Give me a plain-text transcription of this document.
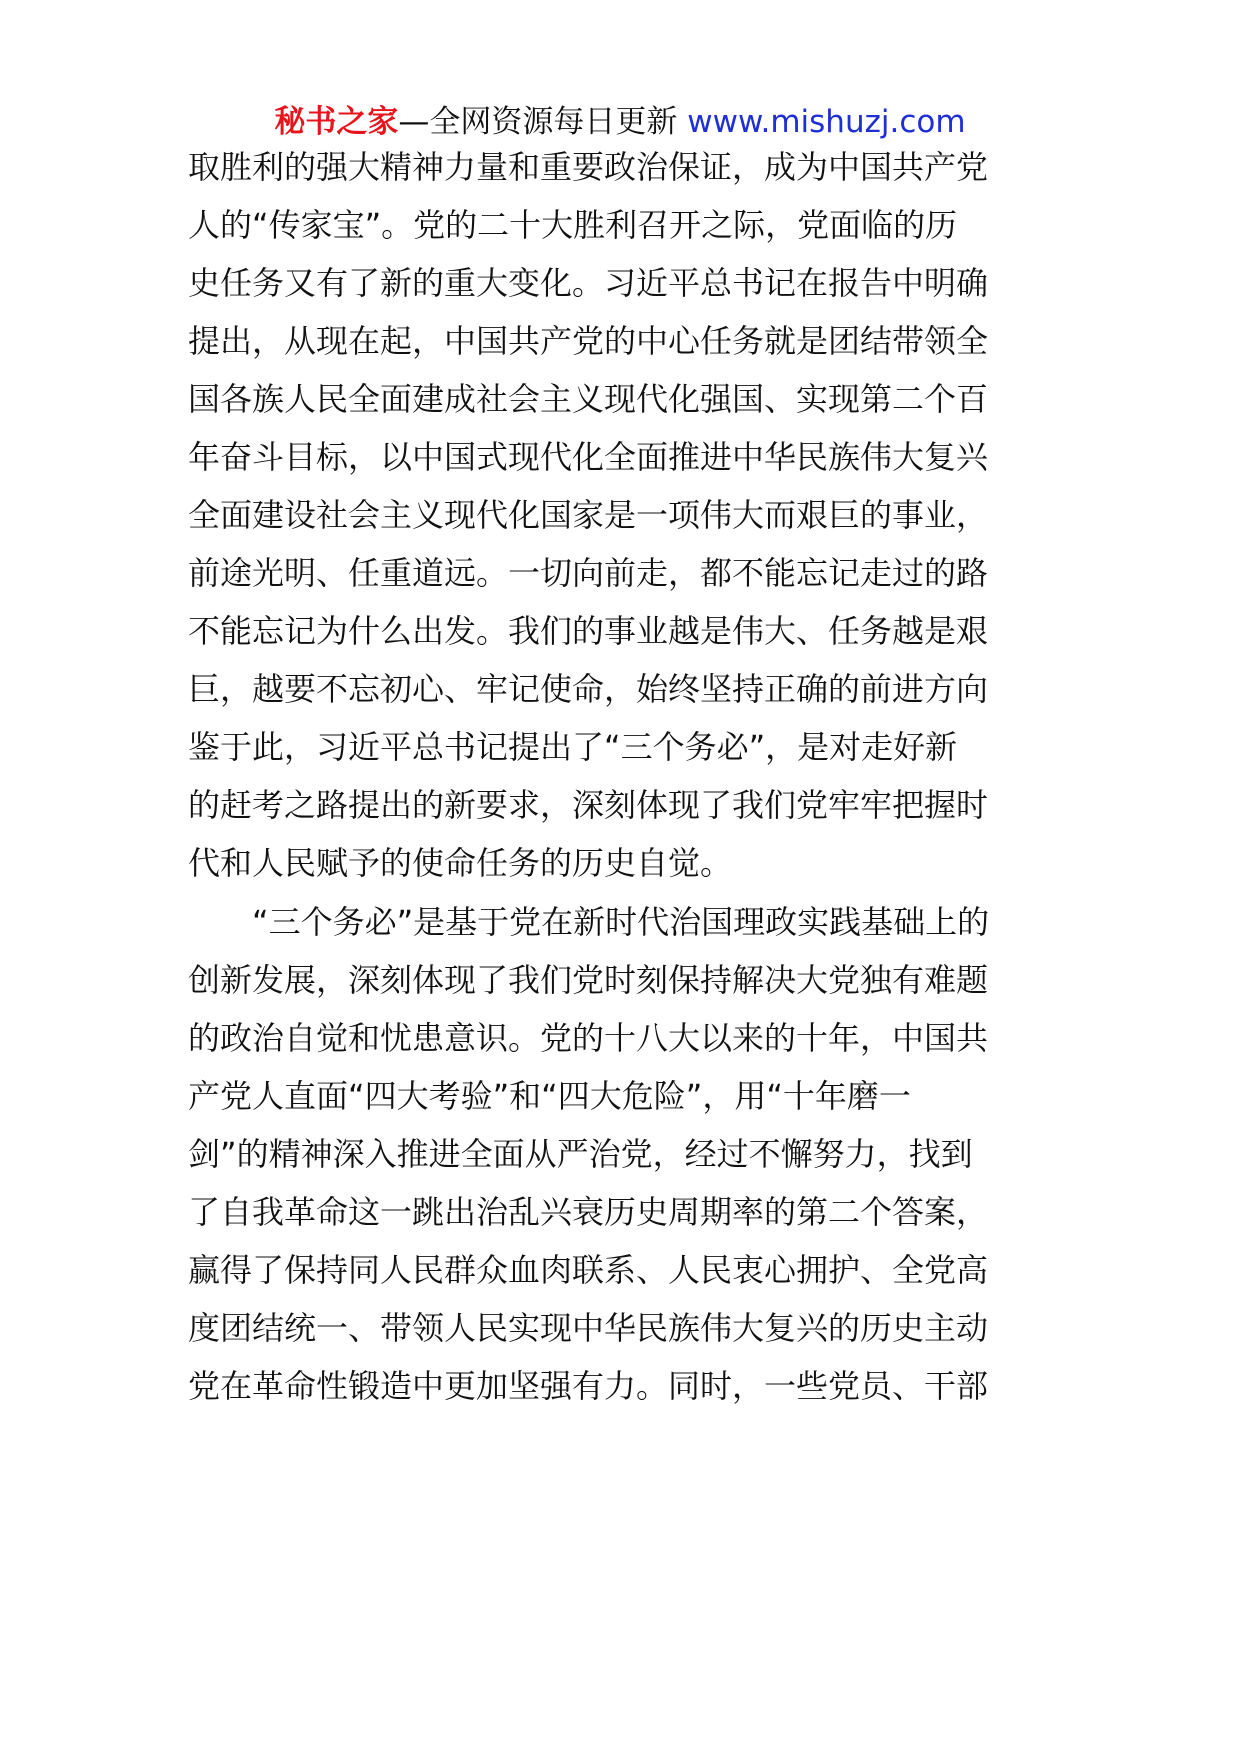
秘书之家—全网资源每日更新 www.mishuzj.com
取胜利的强大精神力量和重要政治保证，成为中国共产党
人的“传家宝”。党的二十大胜利召开之际，党面临的历
史任务又有了新的重大变化。习近平总书记在报告中明确
提出，从现在起，中国共产党的中心任务就是团结带领全
国各族人民全面建成社会主义现代化强国、实现第二个百
年奋斗目标，以中国式现代化全面推进中华民族伟大复兴
全面建设社会主义现代化国家是一项伟大而艰巨的事业，
前途光明、任重道远。一切向前走，都不能忘记走过的路
不能忘记为什么出发。我们的事业越是伟大、任务越是艰
巨，越要不忘初心、牢记使命，始终坚持正确的前进方向
鉴于此，习近平总书记提出了“三个务必”，是对走好新
的赶考之路提出的新要求，深刻体现了我们党牢牢把握时
代和人民赋予的使命任务的历史自觉。
“三个务必”是基于党在新时代治国理政实践基础上的
创新发展，深刻体现了我们党时刻保持解决大党独有难题
的政治自觉和忧患意识。党的十八大以来的十年，中国共
产党人直面“四大考验”和“四大危险”，用“十年磨一
剑”的精神深入推进全面从严治党，经过不懈努力，找到
了自我革命这一跳出治乱兴衰历史周期率的第二个答案，
赢得了保持同人民群众血肉联系、人民衷心拥护、全党高
度团结统一、带领人民实现中华民族伟大复兴的历史主动
党在革命性锻造中更加坚强有力。同时，一些党员、干部
